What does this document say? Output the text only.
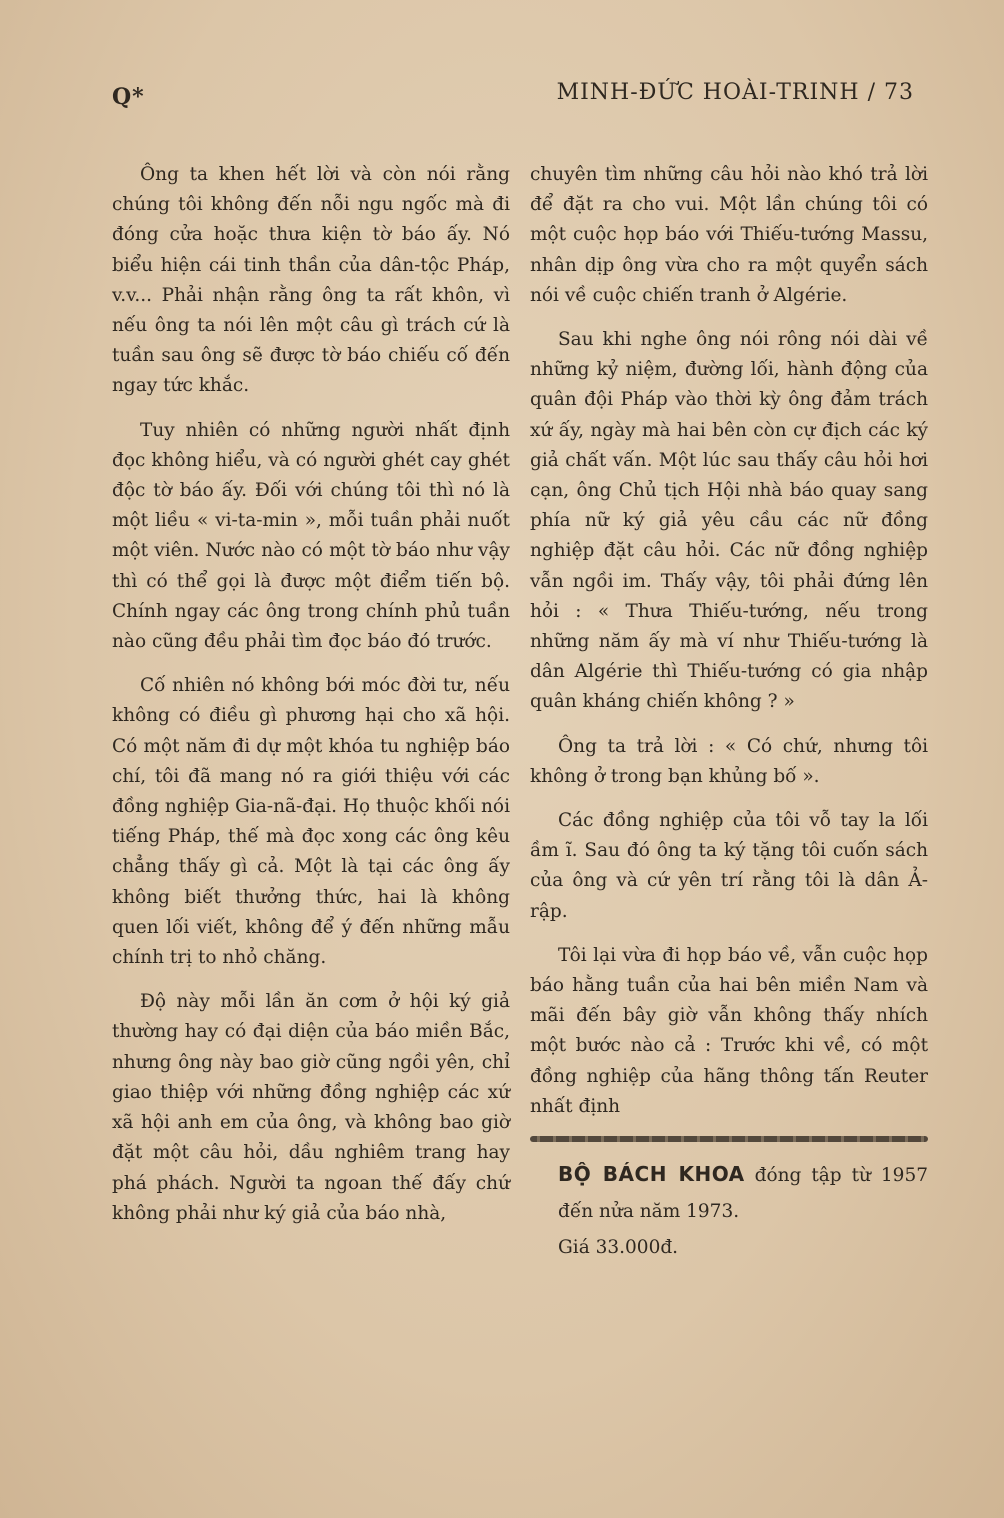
Q*	MINH-ĐỨC HOÀI-TRINH / 73

Ông ta khen hết lời và còn nói rằng chúng tôi không đến nỗi ngu ngốc mà đi đóng cửa hoặc thưa kiện tờ báo ấy. Nó biểu hiện cái tinh thần của dân-tộc Pháp, v.v... Phải nhận rằng ông ta rất khôn, vì nếu ông ta nói lên một câu gì trách cứ là tuần sau ông sẽ được tờ báo chiếu cố đến ngay tức khắc.

Tuy nhiên có những người nhất định đọc không hiểu, và có người ghét cay ghét độc tờ báo ấy. Đối với chúng tôi thì nó là một liều « vi-ta-min », mỗi tuần phải nuốt một viên. Nước nào có một tờ báo như vậy thì có thể gọi là được một điểm tiến bộ. Chính ngay các ông trong chính phủ tuần nào cũng đều phải tìm đọc báo đó trước.

Cố nhiên nó không bới móc đời tư, nếu không có điều gì phương hại cho xã hội. Có một năm đi dự một khóa tu nghiệp báo chí, tôi đã mang nó ra giới thiệu với các đồng nghiệp Gia-nã-đại. Họ thuộc khối nói tiếng Pháp, thế mà đọc xong các ông kêu chẳng thấy gì cả. Một là tại các ông ấy không biết thưởng thức, hai là không quen lối viết, không để ý đến những mẫu chính trị to nhỏ chăng.

Độ này mỗi lần ăn cơm ở hội ký giả thường hay có đại diện của báo miền Bắc, nhưng ông này bao giờ cũng ngồi yên, chỉ giao thiệp với những đồng nghiệp các xứ xã hội anh em của ông, và không bao giờ đặt một câu hỏi, dầu nghiêm trang hay phá phách. Người ta ngoan thế đấy chứ không phải như ký giả của báo nhà,

chuyên tìm những câu hỏi nào khó trả lời để đặt ra cho vui. Một lần chúng tôi có một cuộc họp báo với Thiếu-tướng Massu, nhân dịp ông vừa cho ra một quyển sách nói về cuộc chiến tranh ở Algérie.

Sau khi nghe ông nói rông nói dài về những kỷ niệm, đường lối, hành động của quân đội Pháp vào thời kỳ ông đảm trách xứ ấy, ngày mà hai bên còn cự địch các ký giả chất vấn. Một lúc sau thấy câu hỏi hơi cạn, ông Chủ tịch Hội nhà báo quay sang phía nữ ký giả yêu cầu các nữ đồng nghiệp đặt câu hỏi. Các nữ đồng nghiệp vẫn ngồi im. Thấy vậy, tôi phải đứng lên hỏi : « Thưa Thiếu-tướng, nếu trong những năm ấy mà ví như Thiếu-tướng là dân Algérie thì Thiếu-tướng có gia nhập quân kháng chiến không ? »

Ông ta trả lời : « Có chứ, nhưng tôi không ở trong bạn khủng bố ».

Các đồng nghiệp của tôi vỗ tay la lối ầm ĩ. Sau đó ông ta ký tặng tôi cuốn sách của ông và cứ yên trí rằng tôi là dân Ả-rập.

Tôi lại vừa đi họp báo về, vẫn cuộc họp báo hằng tuần của hai bên miền Nam và mãi đến bây giờ vẫn không thấy nhích một bước nào cả : Trước khi về, có một đồng nghiệp của hãng thông tấn Reuter nhất định

BỘ BÁCH KHOA đóng tập từ 1957 đến nửa năm 1973.
Giá 33.000đ.
